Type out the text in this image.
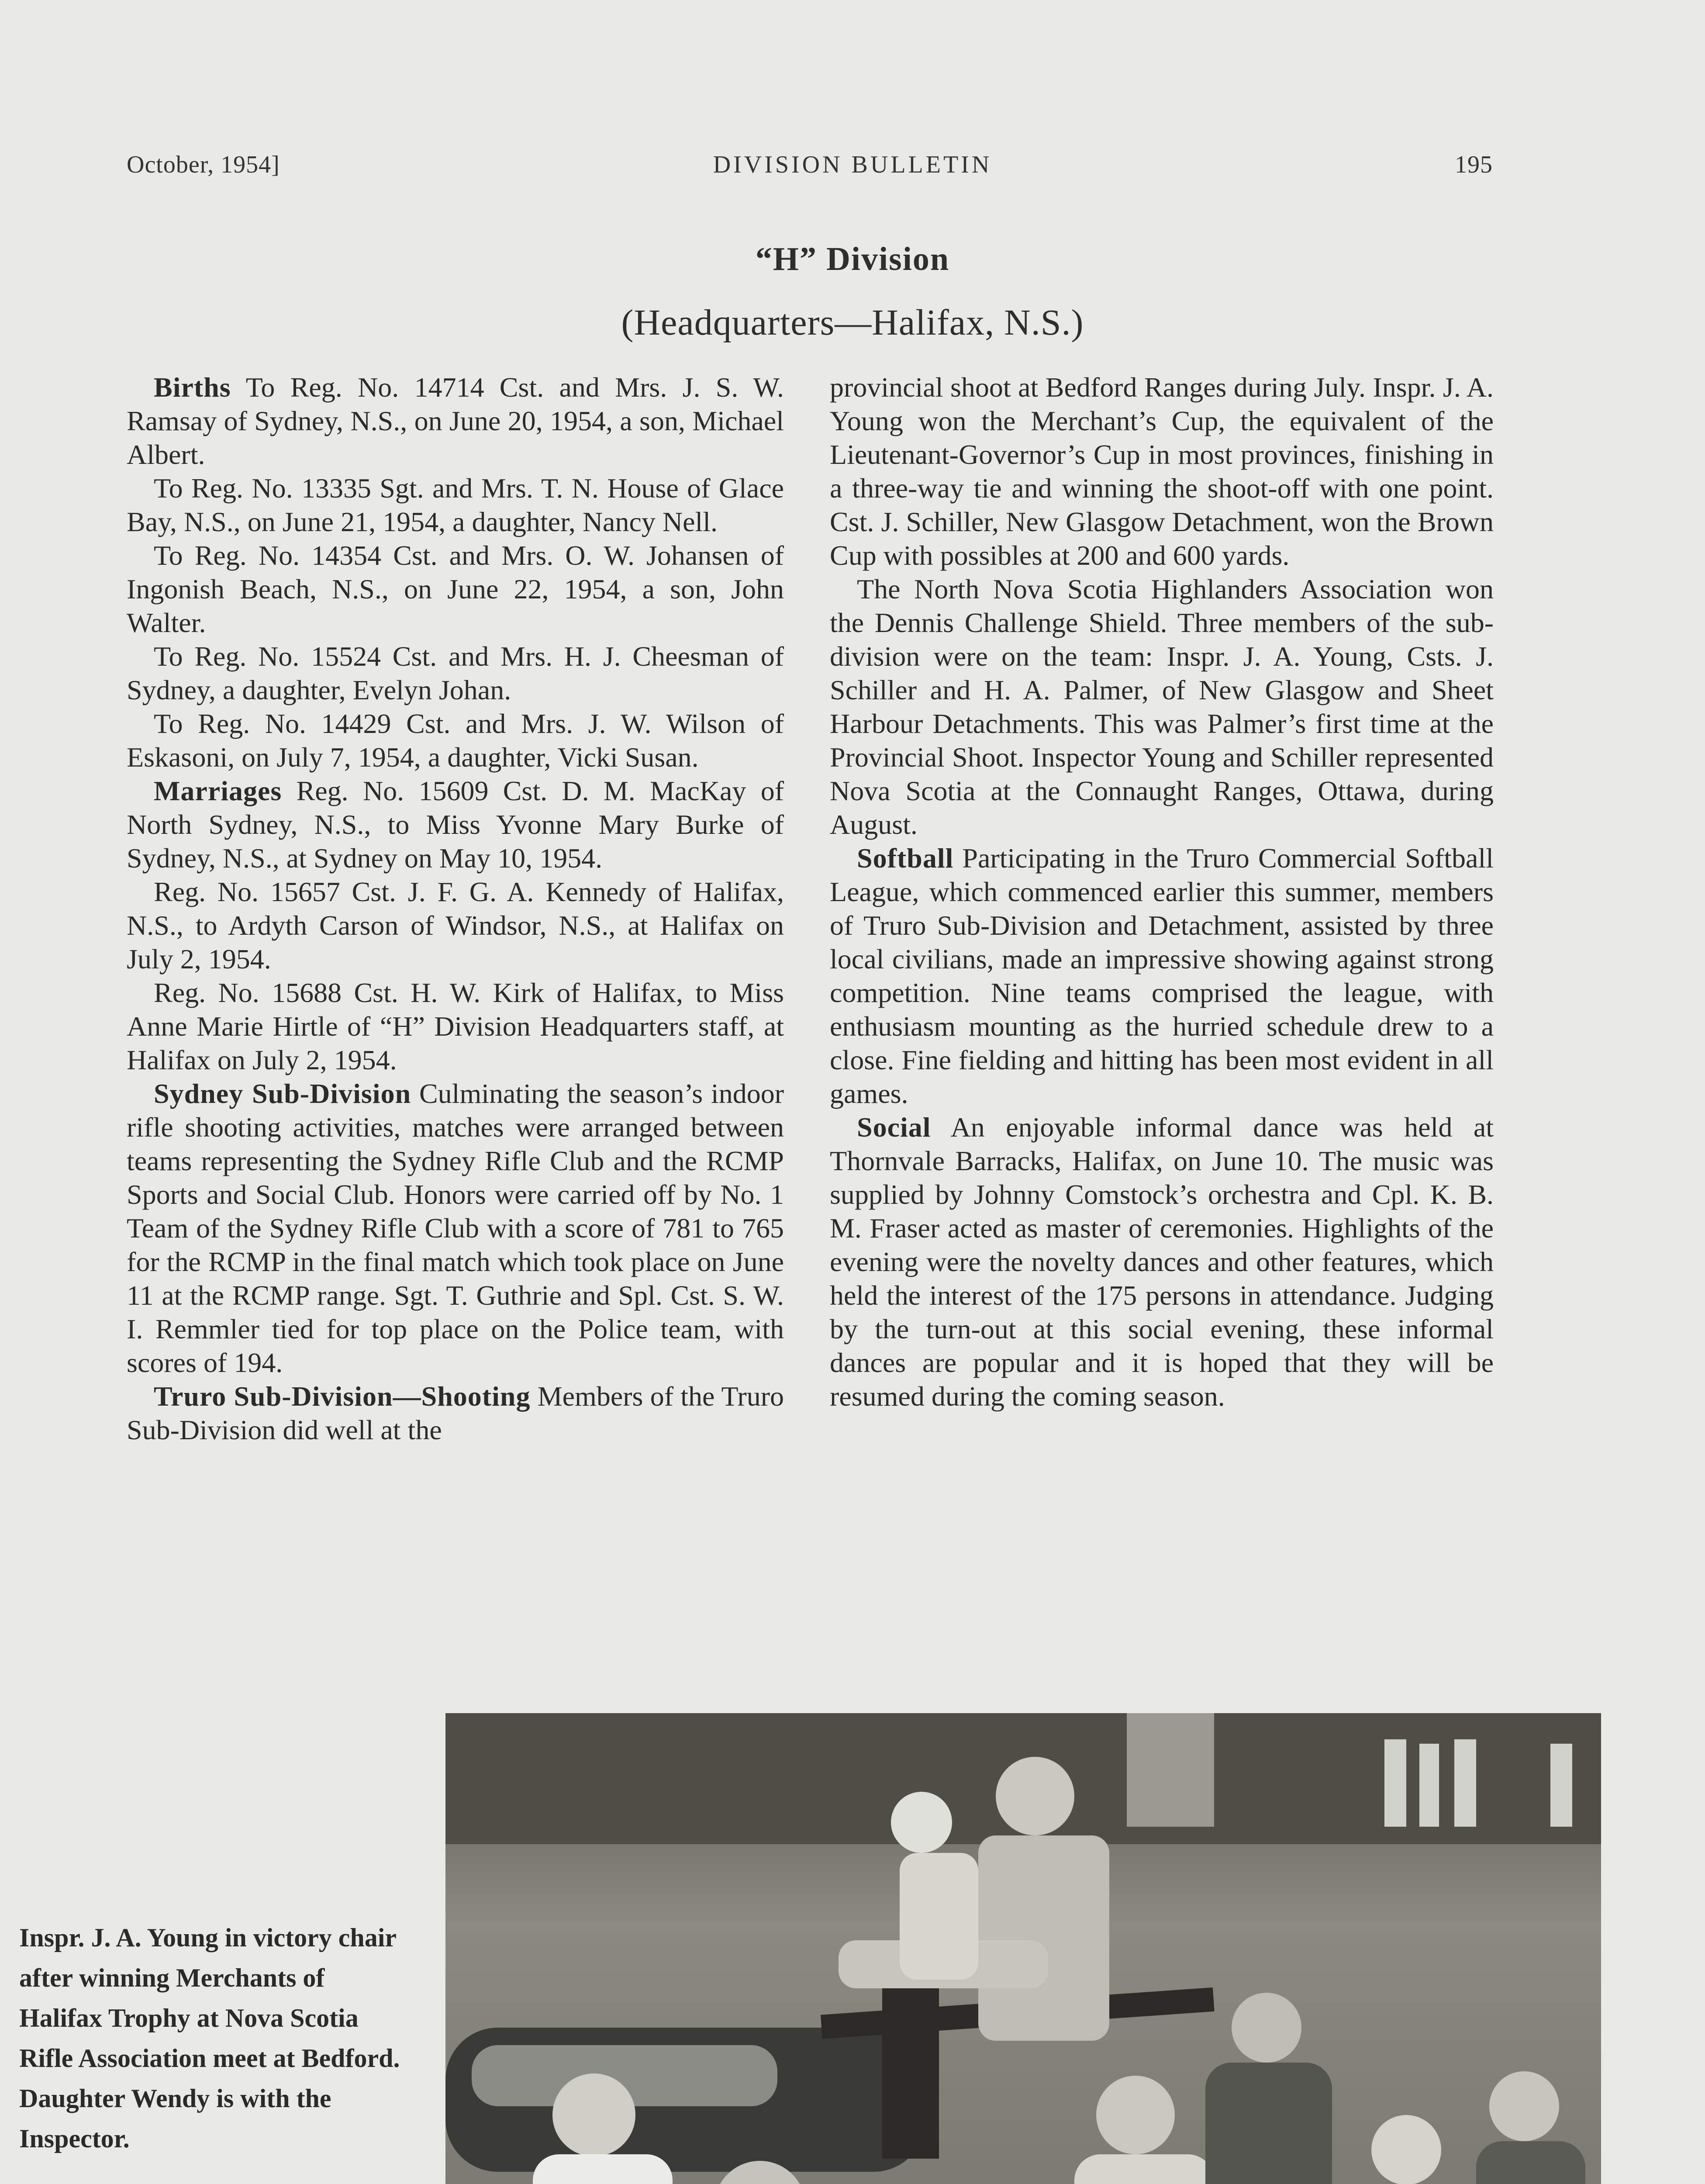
October, 1954]	DIVISION BULLETIN	195
“H” Division
(Headquarters—Halifax, N.S.)

Births To Reg. No. 14714 Cst. and Mrs. J. S. W. Ramsay of Sydney, N.S., on June 20, 1954, a son, Michael Albert.

To Reg. No. 13335 Sgt. and Mrs. T. N. House of Glace Bay, N.S., on June 21, 1954, a daughter, Nancy Nell.

To Reg. No. 14354 Cst. and Mrs. O. W. Johansen of Ingonish Beach, N.S., on June 22, 1954, a son, John Walter.

To Reg. No. 15524 Cst. and Mrs. H. J. Cheesman of Sydney, a daughter, Evelyn Johan.

To Reg. No. 14429 Cst. and Mrs. J. W. Wilson of Eskasoni, on July 7, 1954, a daughter, Vicki Susan.

Marriages Reg. No. 15609 Cst. D. M. MacKay of North Sydney, N.S., to Miss Yvonne Mary Burke of Sydney, N.S., at Sydney on May 10, 1954.

Reg. No. 15657 Cst. J. F. G. A. Kennedy of Halifax, N.S., to Ardyth Carson of Windsor, N.S., at Halifax on July 2, 1954.

Reg. No. 15688 Cst. H. W. Kirk of Halifax, to Miss Anne Marie Hirtle of “H” Division Headquarters staff, at Halifax on July 2, 1954.

Sydney Sub-Division Culminating the season’s indoor rifle shooting activities, matches were arranged between teams representing the Sydney Rifle Club and the RCMP Sports and Social Club. Honors were carried off by No. 1 Team of the Sydney Rifle Club with a score of 781 to 765 for the RCMP in the final match which took place on June 11 at the RCMP range. Sgt. T. Guthrie and Spl. Cst. S. W. I. Remmler tied for top place on the Police team, with scores of 194.

Truro Sub-Division—Shooting Members of the Truro Sub-Division did well at the

provincial shoot at Bedford Ranges during July. Inspr. J. A. Young won the Merchant’s Cup, the equivalent of the Lieutenant-Governor’s Cup in most provinces, finishing in a three-way tie and winning the shoot-off with one point. Cst. J. Schiller, New Glasgow Detachment, won the Brown Cup with possibles at 200 and 600 yards.

The North Nova Scotia Highlanders Association won the Dennis Challenge Shield. Three members of the sub-division were on the team: Inspr. J. A. Young, Csts. J. Schiller and H. A. Palmer, of New Glasgow and Sheet Harbour Detachments. This was Palmer’s first time at the Provincial Shoot. Inspector Young and Schiller represented Nova Scotia at the Connaught Ranges, Ottawa, during August.

Softball Participating in the Truro Commercial Softball League, which commenced earlier this summer, members of Truro Sub-Division and Detachment, assisted by three local civilians, made an impressive showing against strong competition. Nine teams comprised the league, with enthusiasm mounting as the hurried schedule drew to a close. Fine fielding and hitting has been most evident in all games.

Social An enjoyable informal dance was held at Thornvale Barracks, Halifax, on June 10. The music was supplied by Johnny Comstock’s orchestra and Cpl. K. B. M. Fraser acted as master of ceremonies. Highlights of the evening were the novelty dances and other features, which held the interest of the 175 persons in attendance. Judging by the turn-out at this social evening, these informal dances are popular and it is hoped that they will be resumed during the coming season.

Inspr. J. A. Young in victory chair after winning Merchants of Halifax Trophy at Nova Scotia Rifle Association meet at Bedford. Daughter Wendy is with the Inspector.
